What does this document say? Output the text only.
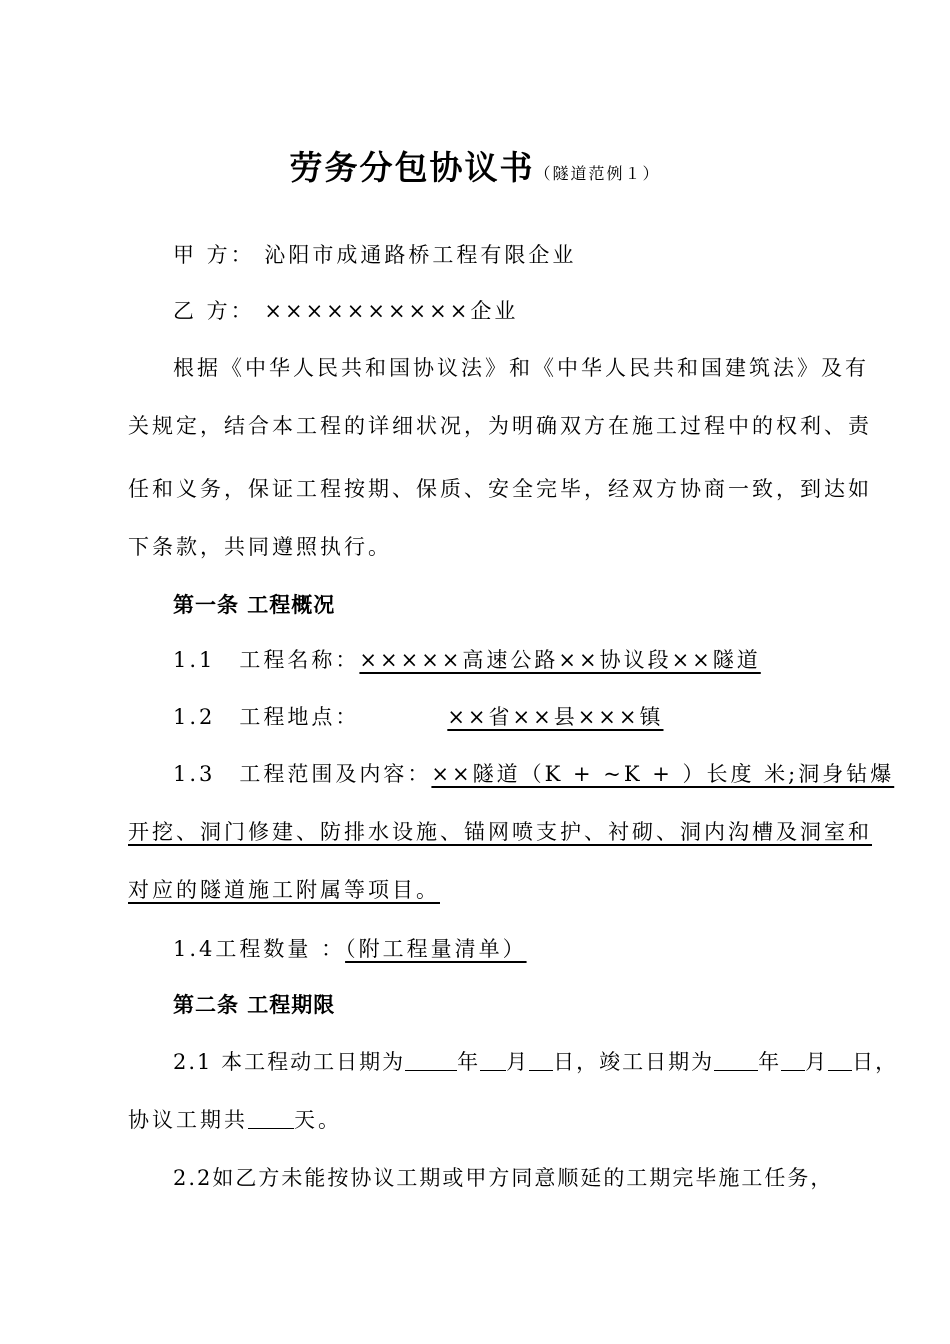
劳务分包协议书（隧道范例１）
甲 方： 沁阳市成通路桥工程有限企业
乙 方： ××××××××××企业
根据《中华人民共和国协议法》和《中华人民共和国建筑法》及有
关规定，结合本工程的详细状况，为明确双方在施工过程中的权利、责
任和义务，保证工程按期、保质、安全完毕，经双方协商一致，到达如
下条款，共同遵照执行。
第一条 工程概况
1.1　工程名称：×××××高速公路××协议段××隧道
1.2　工程地点：	××省××县×××镇
1.3　工程范围及内容：××隧道（K + ~K + ）长度 米;洞身钻爆
开挖、洞门修建、防排水设施、锚网喷支护、衬砌、洞内沟槽及洞室和
对应的隧道施工附属等项目。
1.4工程数量 ：（附工程量清单）
第二条 工程期限
2.1 本工程动工日期为 年 月 日，竣工日期为 年 月 日，
协议工期共 天。
2.2如乙方未能按协议工期或甲方同意顺延的工期完毕施工任务，
